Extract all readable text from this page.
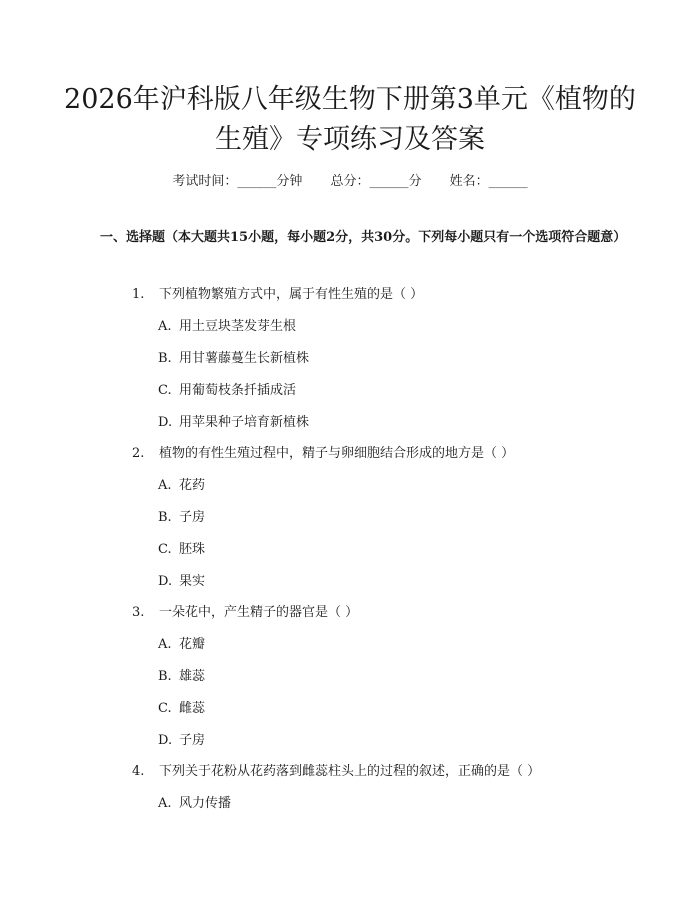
2026年沪科版八年级生物下册第3单元《植物的生殖》专项练习及答案
考试时间：______分钟 总分：______分 姓名：______

一、选择题（本大题共15小题，每小题2分，共30分。下列每小题只有一个选项符合题意）

1. 下列植物繁殖方式中，属于有性生殖的是（ ）
A. 用土豆块茎发芽生根
B. 用甘薯藤蔓生长新植株
C. 用葡萄枝条扦插成活
D. 用苹果种子培育新植株
2. 植物的有性生殖过程中，精子与卵细胞结合形成的地方是（ ）
A. 花药
B. 子房
C. 胚珠
D. 果实
3. 一朵花中，产生精子的器官是（ ）
A. 花瓣
B. 雄蕊
C. 雌蕊
D. 子房
4. 下列关于花粉从花药落到雌蕊柱头上的过程的叙述，正确的是（ ）
A. 风力传播
